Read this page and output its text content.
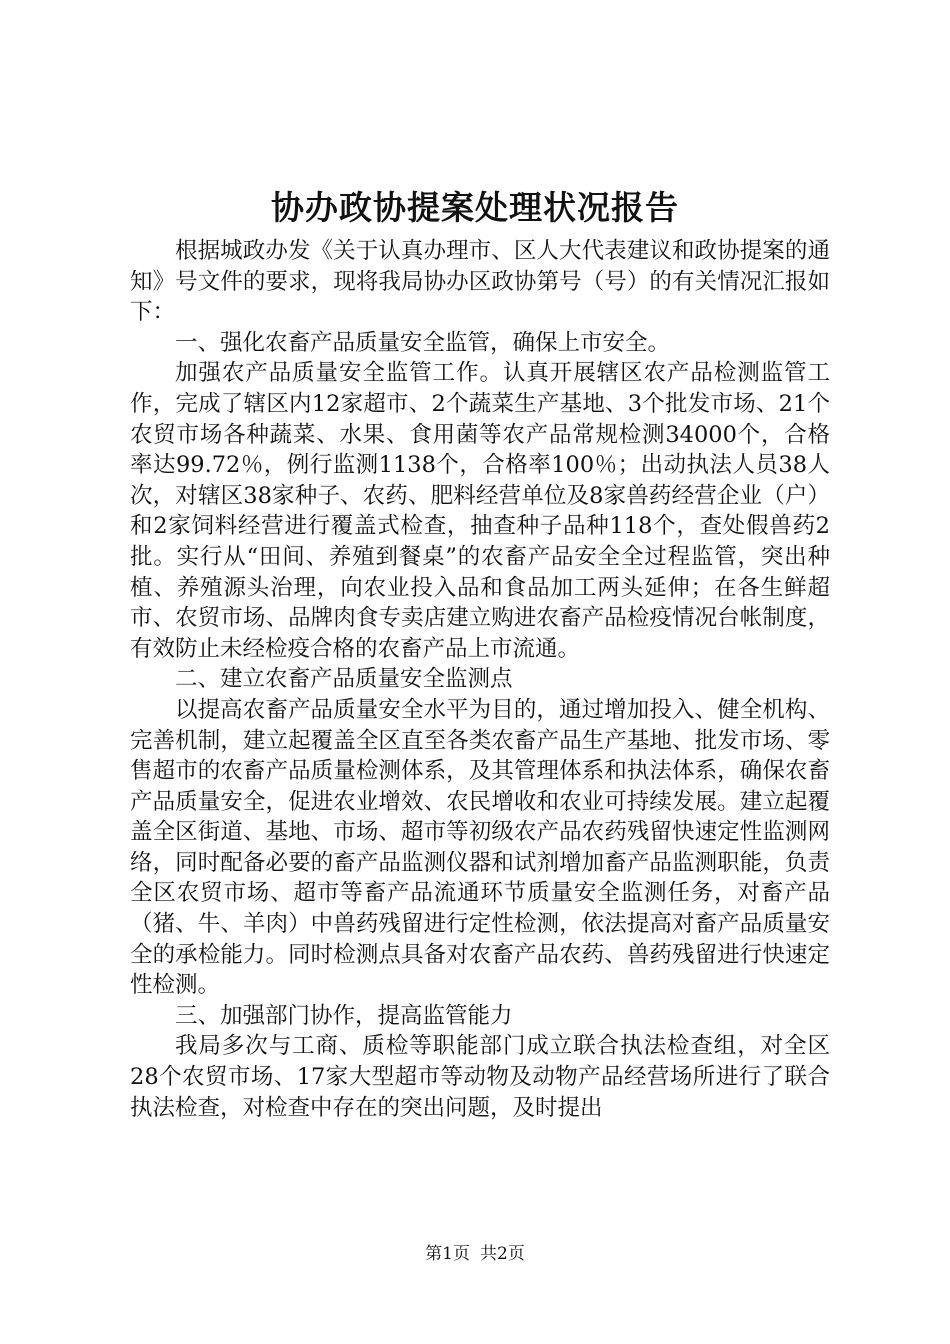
协办政协提案处理状况报告

根据城政办发《关于认真办理市、区人大代表建议和政协提案的通知》号文件的要求，现将我局协办区政协第号（号）的有关情况汇报如下：

一、强化农畜产品质量安全监管，确保上市安全。

加强农产品质量安全监管工作。认真开展辖区农产品检测监管工作，完成了辖区内12家超市、2个蔬菜生产基地、3个批发市场、21个农贸市场各种蔬菜、水果、食用菌等农产品常规检测34000个，合格率达99.72％，例行监测1138个，合格率100％；出动执法人员38人次，对辖区38家种子、农药、肥料经营单位及8家兽药经营企业（户）和2家饲料经营进行覆盖式检查，抽查种子品种118个，查处假兽药2批。实行从“田间、养殖到餐桌”的农畜产品安全全过程监管，突出种植、养殖源头治理，向农业投入品和食品加工两头延伸；在各生鲜超市、农贸市场、品牌肉食专卖店建立购进农畜产品检疫情况台帐制度，有效防止未经检疫合格的农畜产品上市流通。

二、建立农畜产品质量安全监测点

以提高农畜产品质量安全水平为目的，通过增加投入、健全机构、完善机制，建立起覆盖全区直至各类农畜产品生产基地、批发市场、零售超市的农畜产品质量检测体系，及其管理体系和执法体系，确保农畜产品质量安全，促进农业增效、农民增收和农业可持续发展。建立起覆盖全区街道、基地、市场、超市等初级农产品农药残留快速定性监测网络，同时配备必要的畜产品监测仪器和试剂增加畜产品监测职能，负责全区农贸市场、超市等畜产品流通环节质量安全监测任务，对畜产品（猪、牛、羊肉）中兽药残留进行定性检测，依法提高对畜产品质量安全的承检能力。同时检测点具备对农畜产品农药、兽药残留进行快速定性检测。

三、加强部门协作，提高监管能力

我局多次与工商、质检等职能部门成立联合执法检查组，对全区28个农贸市场、17家大型超市等动物及动物产品经营场所进行了联合执法检查，对检查中存在的突出问题，及时提出

第1页 共2页
